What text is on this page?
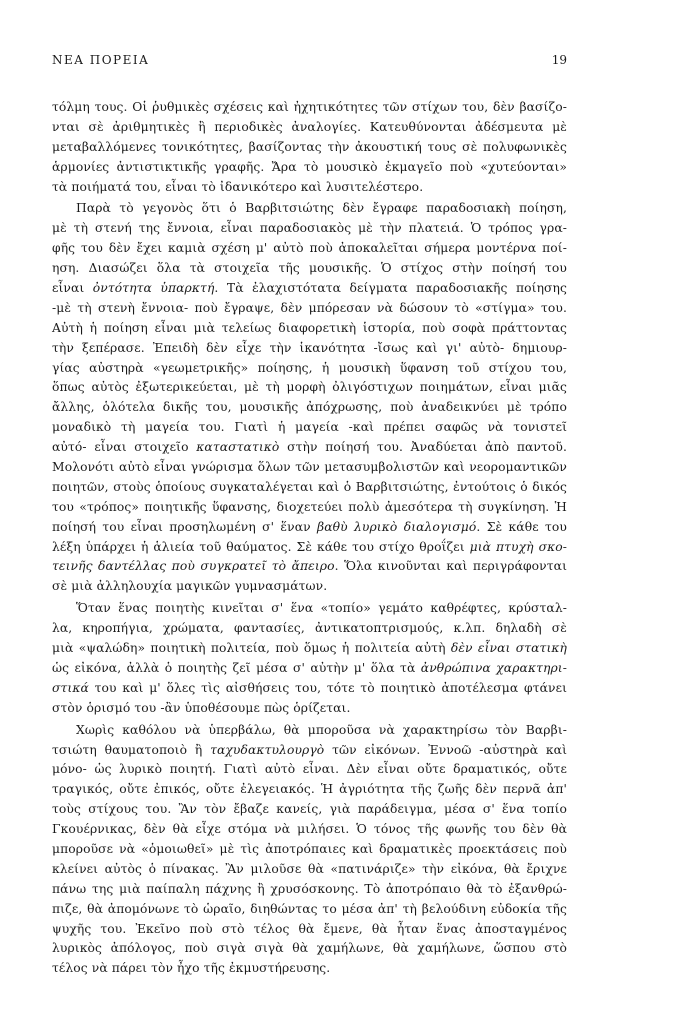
ΝΕΑ ΠΟΡΕΙΑ	19
τόλμη τους. Οἱ ῥυθμικὲς σχέσεις καὶ ἠχητικότητες τῶν στίχων του, δὲν βασίζο-
νται σὲ ἀριθμητικὲς ἢ περιοδικὲς ἀναλογίες. Κατευθύνονται ἀδέσμευτα μὲ
μεταβαλλόμενες τονικότητες, βασίζοντας τὴν ἀκουστική τους σὲ πολυφωνικὲς
ἁρμονίες ἀντιστικτικῆς γραφῆς. Ἄρα τὸ μουσικὸ ἐκμαγεῖο ποὺ «χυτεύονται»
τὰ ποιήματά του, εἶναι τὸ ἰδανικότερο καὶ λυσιτελέστερο.
Παρὰ τὸ γεγονὸς ὅτι ὁ Βαρβιτσιώτης δὲν ἔγραφε παραδοσιακὴ ποίηση,
μὲ τὴ στενή της ἔννοια, εἶναι παραδοσιακὸς μὲ τὴν πλατειά. Ὁ τρόπος γρα-
φῆς του δὲν ἔχει καμιὰ σχέση μ' αὐτὸ ποὺ ἀποκαλεῖται σήμερα μοντέρνα ποί-
ηση. Διασώζει ὅλα τὰ στοιχεῖα τῆς μουσικῆς. Ὁ στίχος στὴν ποίησή του
εἶναι ὀντότητα ὑπαρκτή. Τὰ ἐλαχιστότατα δείγματα παραδοσιακῆς ποίησης
-μὲ τὴ στενὴ ἔννοια- ποὺ ἔγραψε, δὲν μπόρεσαν νὰ δώσουν τὸ «στίγμα» του.
Αὐτὴ ἡ ποίηση εἶναι μιὰ τελείως διαφορετικὴ ἱστορία, ποὺ σοφὰ πράττοντας
τὴν ξεπέρασε. Ἐπειδὴ δὲν εἶχε τὴν ἱκανότητα -ἴσως καὶ γι' αὐτὸ- δημιουρ-
γίας αὐστηρὰ «γεωμετρικῆς» ποίησης, ἡ μουσικὴ ὕφανση τοῦ στίχου του,
ὅπως αὐτὸς ἐξωτερικεύεται, μὲ τὴ μορφὴ ὀλιγόστιχων ποιημάτων, εἶναι μιᾶς
ἄλλης, ὁλότελα δικῆς του, μουσικῆς ἀπόχρωσης, ποὺ ἀναδεικνύει μὲ τρόπο
μοναδικὸ τὴ μαγεία του. Γιατὶ ἡ μαγεία -καὶ πρέπει σαφῶς νὰ τονιστεῖ
αὐτό- εἶναι στοιχεῖο καταστατικὸ στὴν ποίησή του. Ἀναδύεται ἀπὸ παντοῦ.
Μολονότι αὐτὸ εἶναι γνώρισμα ὅλων τῶν μετασυμβολιστῶν καὶ νεορομαντικῶν
ποιητῶν, στοὺς ὁποίους συγκαταλέγεται καὶ ὁ Βαρβιτσιώτης, ἐντούτοις ὁ δικός
του «τρόπος» ποιητικῆς ὕφανσης, διοχετεύει πολὺ ἀμεσότερα τὴ συγκίνηση. Ἡ
ποίησή του εἶναι προσηλωμένη σ' ἕναν βαθὺ λυρικὸ διαλογισμό. Σὲ κάθε του
λέξη ὑπάρχει ἡ ἁλιεία τοῦ θαύματος. Σὲ κάθε του στίχο θροΐζει μιὰ πτυχὴ σκο-
τεινῆς δαντέλλας ποὺ συγκρατεῖ τὸ ἄπειρο. Ὅλα κινοῦνται καὶ περιγράφονται
σὲ μιὰ ἀλληλουχία μαγικῶν γυμνασμάτων.
Ὅταν ἕνας ποιητὴς κινεῖται σ' ἕνα «τοπίο» γεμάτο καθρέφτες, κρύσταλ-
λα, κηροπήγια, χρώματα, φαντασίες, ἀντικατοπτρισμούς, κ.λπ. δηλαδὴ σὲ
μιὰ «ψαλώδη» ποιητικὴ πολιτεία, ποὺ ὅμως ἡ πολιτεία αὐτὴ δὲν εἶναι στατικὴ
ὡς εἰκόνα, ἀλλὰ ὁ ποιητὴς ζεῖ μέσα σ' αὐτὴν μ' ὅλα τὰ ἀνθρώπινα χαρακτηρι-
στικά του καὶ μ' ὅλες τὶς αἰσθήσεις του, τότε τὸ ποιητικὸ ἀποτέλεσμα φτάνει
στὸν ὁρισμό του -ἂν ὑποθέσουμε πὼς ὁρίζεται.
Χωρὶς καθόλου νὰ ὑπερβάλω, θὰ μποροῦσα νὰ χαρακτηρίσω τὸν Βαρβι-
τσιώτη θαυματοποιὸ ἢ ταχυδακτυλουργὸ τῶν εἰκόνων. Ἐννοῶ -αὐστηρὰ καὶ
μόνο- ὡς λυρικὸ ποιητή. Γιατὶ αὐτὸ εἶναι. Δὲν εἶναι οὔτε δραματικός, οὔτε
τραγικός, οὔτε ἐπικός, οὔτε ἐλεγειακός. Ἡ ἀγριότητα τῆς ζωῆς δὲν περνᾶ ἀπ'
τοὺς στίχους του. Ἂν τὸν ἔβαζε κανείς, γιὰ παράδειγμα, μέσα σ' ἕνα τοπίο
Γκουέρνικας, δὲν θὰ εἶχε στόμα νὰ μιλήσει. Ὁ τόνος τῆς φωνῆς του δὲν θὰ
μποροῦσε νὰ «ὁμοιωθεῖ» μὲ τὶς ἀποτρόπαιες καὶ δραματικὲς προεκτάσεις ποὺ
κλείνει αὐτὸς ὁ πίνακας. Ἂν μιλοῦσε θὰ «πατινάριζε» τὴν εἰκόνα, θὰ ἔριχνε
πάνω της μιὰ παίπαλη πάχνης ἢ χρυσόσκονης. Τὸ ἀποτρόπαιο θὰ τὸ ἐξανθρώ-
πιζε, θὰ ἀπομόνωνε τὸ ὡραῖο, διηθώντας το μέσα ἀπ' τὴ βελούδινη εὐδοκία τῆς
ψυχῆς του. Ἐκεῖνο ποὺ στὸ τέλος θὰ ἔμενε, θὰ ἦταν ἕνας ἀποσταγμένος
λυρικὸς ἀπόλογος, ποὺ σιγὰ σιγὰ θὰ χαμήλωνε, θὰ χαμήλωνε, ὥσπου στὸ
τέλος νὰ πάρει τὸν ἦχο τῆς ἐκμυστήρευσης.
